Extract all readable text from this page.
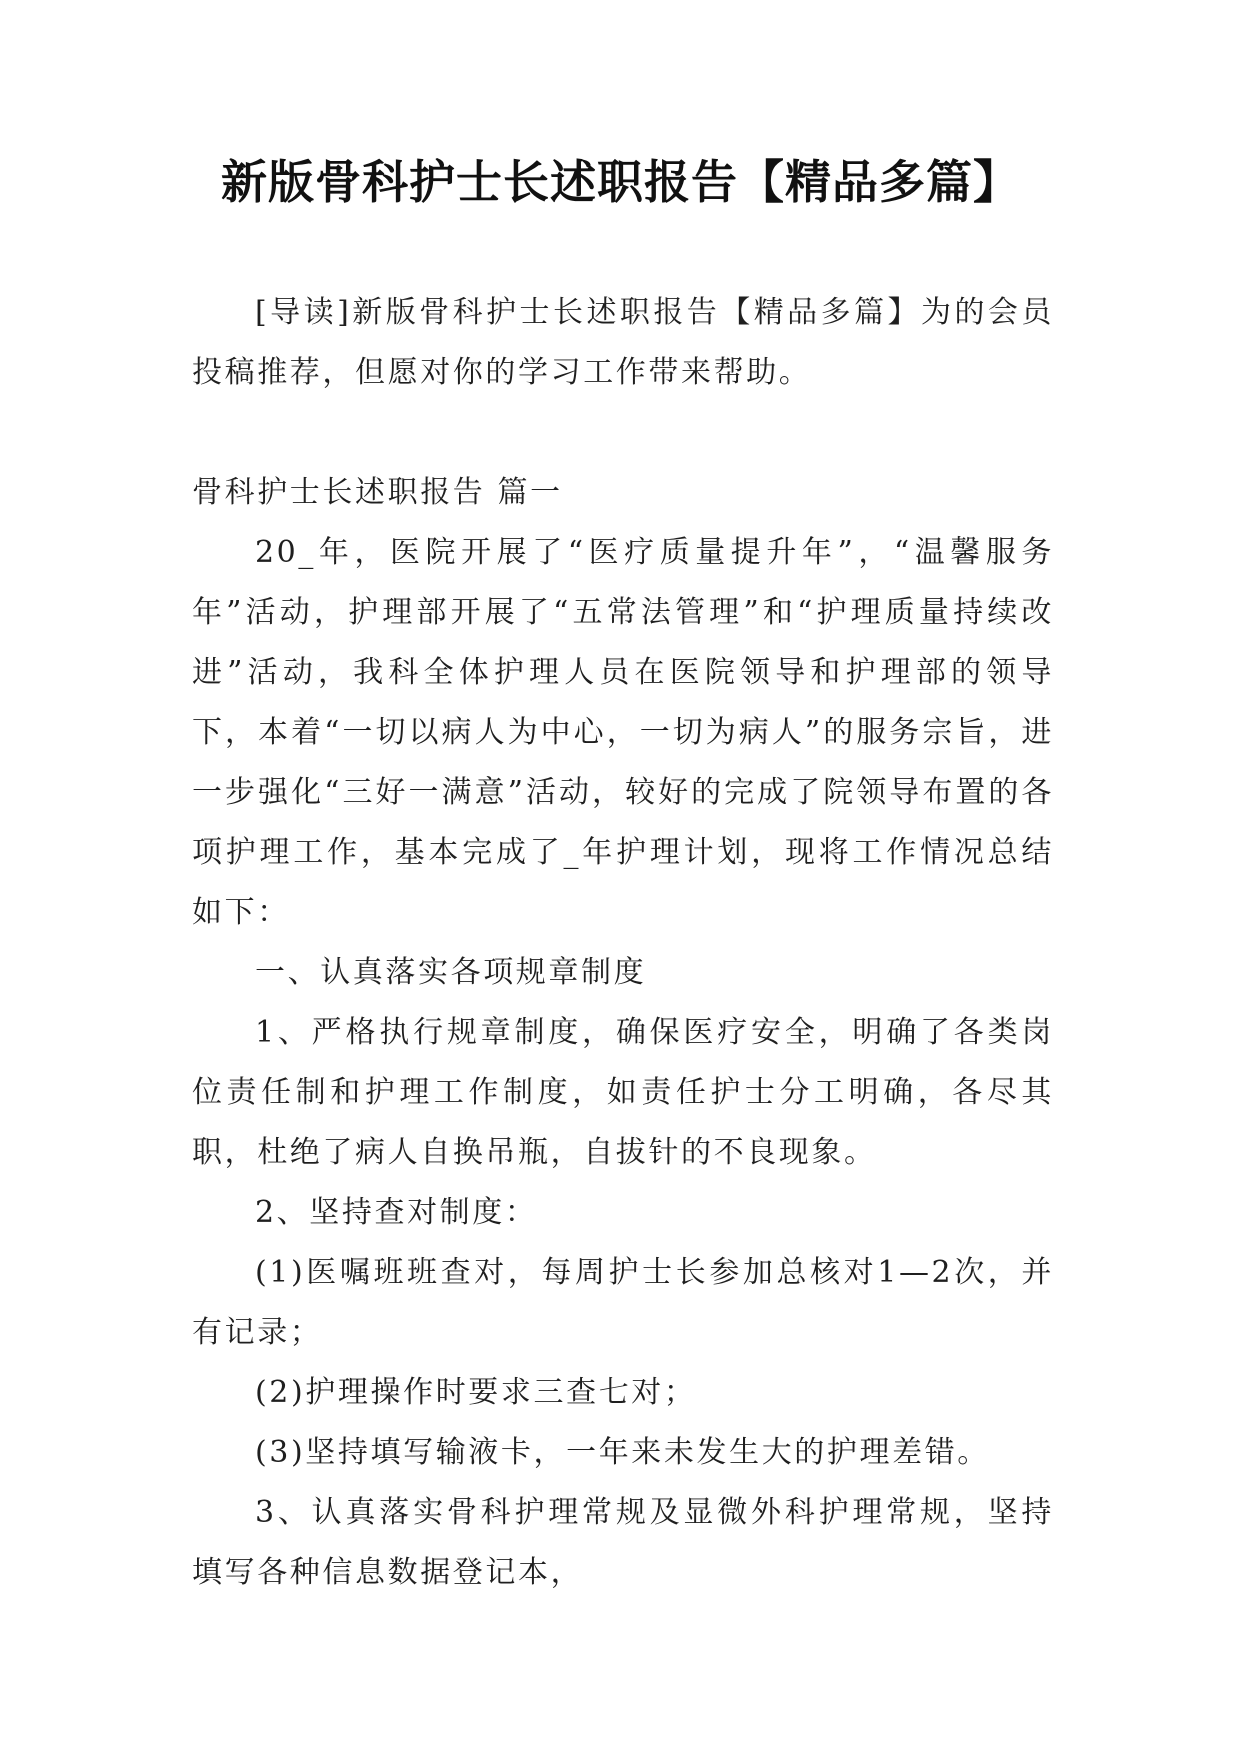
新版骨科护士长述职报告【精品多篇】

[导读]新版骨科护士长述职报告【精品多篇】为的会员投稿推荐，但愿对你的学习工作带来帮助。

骨科护士长述职报告 篇一

20_年，医院开展了“医疗质量提升年”，“温馨服务年”活动，护理部开展了“五常法管理”和“护理质量持续改进”活动，我科全体护理人员在医院领导和护理部的领导下，本着“一切以病人为中心，一切为病人”的服务宗旨，进一步强化“三好一满意”活动，较好的完成了院领导布置的各项护理工作，基本完成了_年护理计划，现将工作情况总结如下：

一、认真落实各项规章制度

1、严格执行规章制度，确保医疗安全，明确了各类岗位责任制和护理工作制度，如责任护士分工明确，各尽其职，杜绝了病人自换吊瓶，自拔针的不良现象。

2、坚持查对制度：

(1)医嘱班班查对，每周护士长参加总核对1—2次，并有记录；

(2)护理操作时要求三查七对；

(3)坚持填写输液卡，一年来未发生大的护理差错。

3、认真落实骨科护理常规及显微外科护理常规，坚持填写各种信息数据登记本，
